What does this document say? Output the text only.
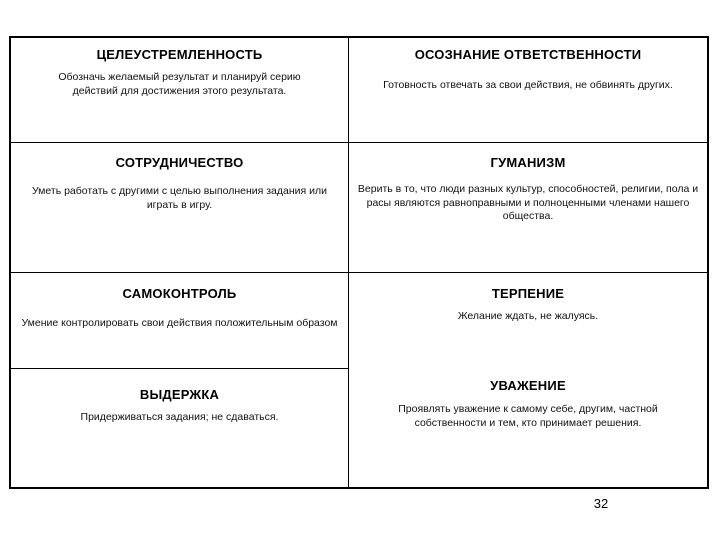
ЦЕЛЕУСТРЕМЛЕННОСТЬ
Обозначь желаемый результат и планируй серию действий для достижения этого результата.
ОСОЗНАНИЕ ОТВЕТСТВЕННОСТИ
Готовность отвечать за свои действия, не обвинять других.
СОТРУДНИЧЕСТВО
Уметь работать с другими с целью выполнения задания или играть в игру.
ГУМАНИЗМ
Верить в то, что люди разных культур, способностей, религии, пола и расы являются равноправными и полноценными членами нашего общества.
САМОКОНТРОЛЬ
Умение контролировать свои действия положительным образом
ТЕРПЕНИЕ
Желание ждать, не жалуясь.
ВЫДЕРЖКА
Придерживаться задания; не сдаваться.
УВАЖЕНИЕ
Проявлять уважение к самому себе, другим, частной собственности и тем, кто принимает решения.
32
